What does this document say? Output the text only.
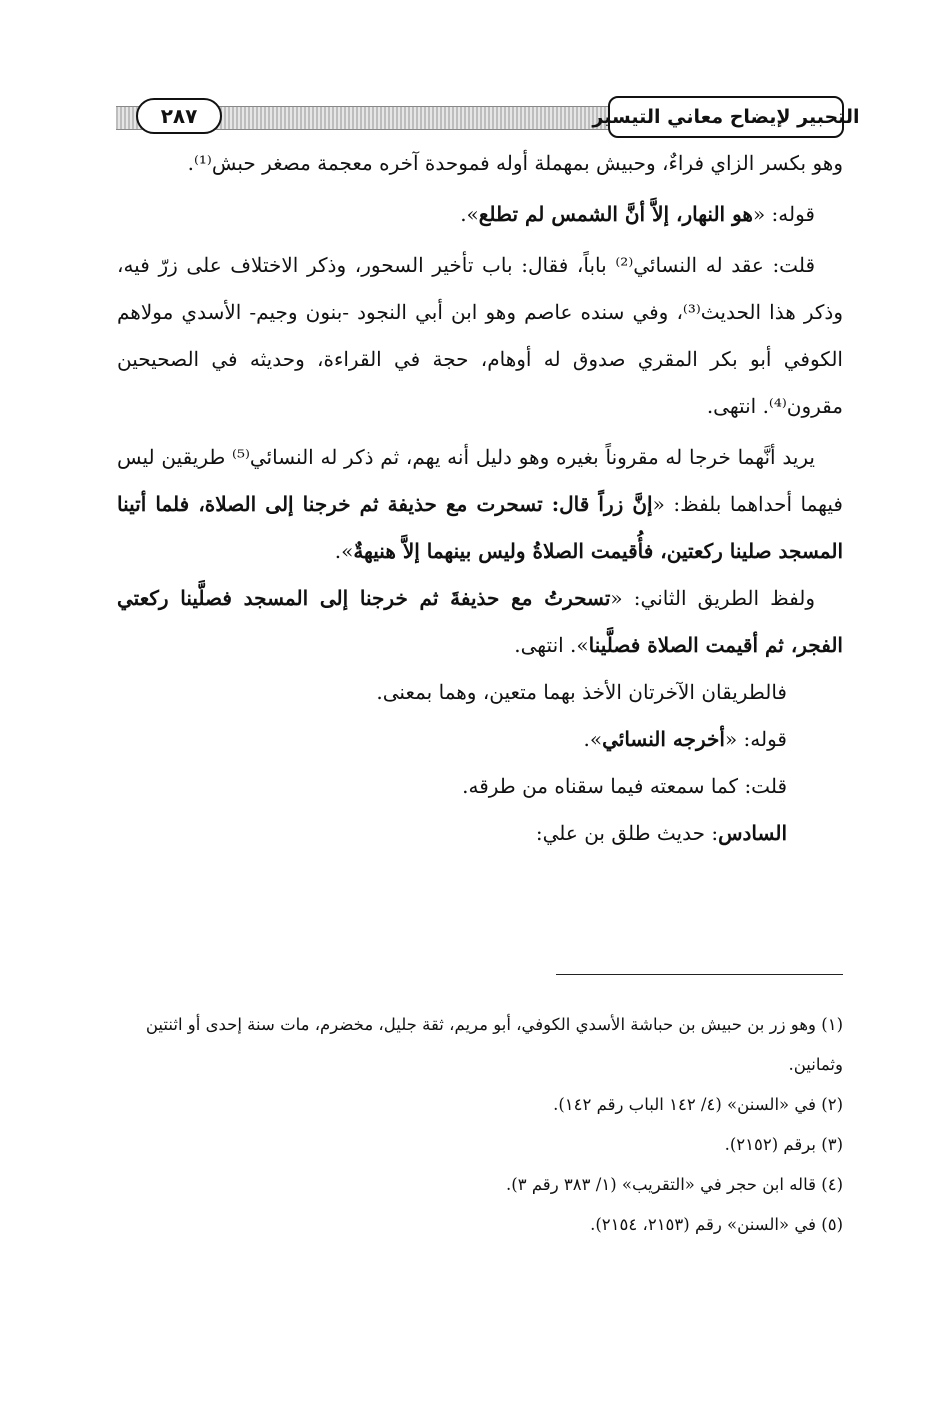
التحبير لإيضاح معاني التيسير
٢٨٧

وهو بكسر الزاي فراءٌ، وحبيش بمهملة أوله فموحدة آخره معجمة مصغر حبش⁽¹⁾.

قوله: «هو النهار، إلاَّ أنَّ الشمس لم تطلع».

قلت: عقد له النسائي⁽²⁾ باباً، فقال: باب تأخير السحور، وذكر الاختلاف على زرّ فيه، وذكر هذا الحديث⁽³⁾، وفي سنده عاصم وهو ابن أبي النجود -بنون وجيم- الأسدي مولاهم الكوفي أبو بكر المقري صدوق له أوهام، حجة في القراءة، وحديثه في الصحيحين مقرون⁽⁴⁾. انتهى.

يريد أنَّهما خرجا له مقروناً بغيره وهو دليل أنه يهم، ثم ذكر له النسائي⁽⁵⁾ طريقين ليس فيهما أحداهما بلفظ: «إنَّ زراً قال: تسحرت مع حذيفة ثم خرجنا إلى الصلاة، فلما أتينا المسجد صلينا ركعتين، فأُقيمت الصلاةُ وليس بينهما إلاَّ هنيهةٌ».

ولفظ الطريق الثاني: «تسحرتُ مع حذيفةَ ثم خرجنا إلى المسجد فصلَّينا ركعتي الفجر، ثم أقيمت الصلاة فصلَّينا». انتهى.

فالطريقان الآخرتان الأخذ بهما متعين، وهما بمعنى.

قوله: «أخرجه النسائي».

قلت: كما سمعته فيما سقناه من طرقه.

السادس: حديث طلق بن علي:

(١) وهو زر بن حبيش بن حباشة الأسدي الكوفي، أبو مريم، ثقة جليل، مخضرم، مات سنة إحدى أو اثنتين وثمانين.

(٢) في «السنن» (٤/ ١٤٢ الباب رقم ١٤٢).

(٣) برقم (٢١٥٢).

(٤) قاله ابن حجر في «التقريب» (١/ ٣٨٣ رقم ٣).

(٥) في «السنن» رقم (٢١٥٣، ٢١٥٤).
